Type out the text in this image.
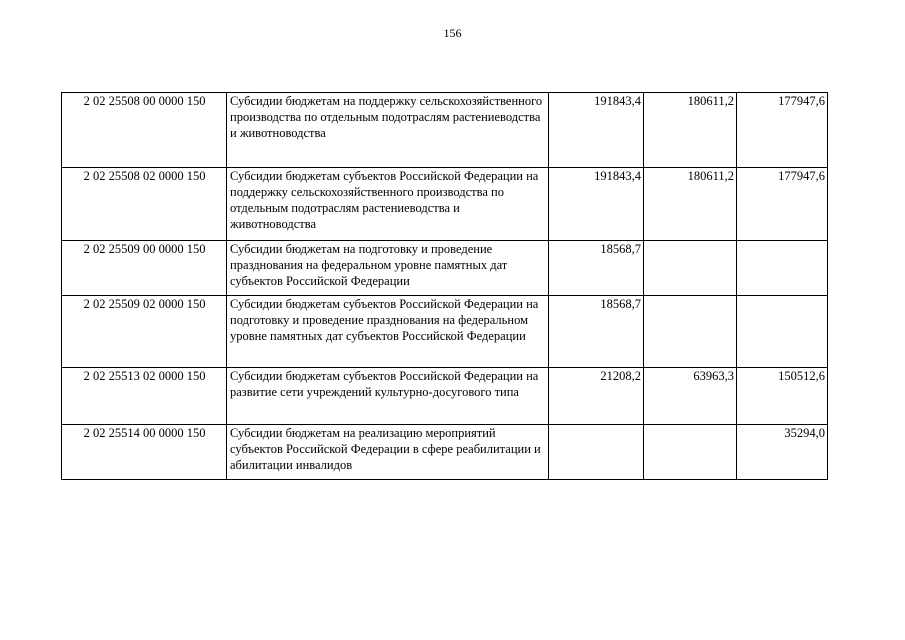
156
2 02 25508 00 0000 150	Субсидии бюджетам на поддержку сельскохозяйственного производства по отдельным подотраслям растениеводства и животноводства	191843,4	180611,2	177947,6
2 02 25508 02 0000 150	Субсидии бюджетам субъектов Российской Федерации на поддержку сельскохозяйственного производства по отдельным подотраслям растениеводства и животноводства	191843,4	180611,2	177947,6
2 02 25509 00 0000 150	Субсидии бюджетам на подготовку и проведение празднования на федеральном уровне памятных дат субъектов Российской Федерации	18568,7		
2 02 25509 02 0000 150	Субсидии бюджетам субъектов Российской Федерации на подготовку и проведение празднования на федеральном уровне памятных дат субъектов Российской Федерации	18568,7		
2 02 25513 02 0000 150	Субсидии бюджетам субъектов Российской Федерации на развитие сети учреждений культурно-досугового типа	21208,2	63963,3	150512,6
2 02 25514 00 0000 150	Субсидии бюджетам на реализацию мероприятий субъектов Российской Федерации в сфере реабилитации и абилитации инвалидов			35294,0
